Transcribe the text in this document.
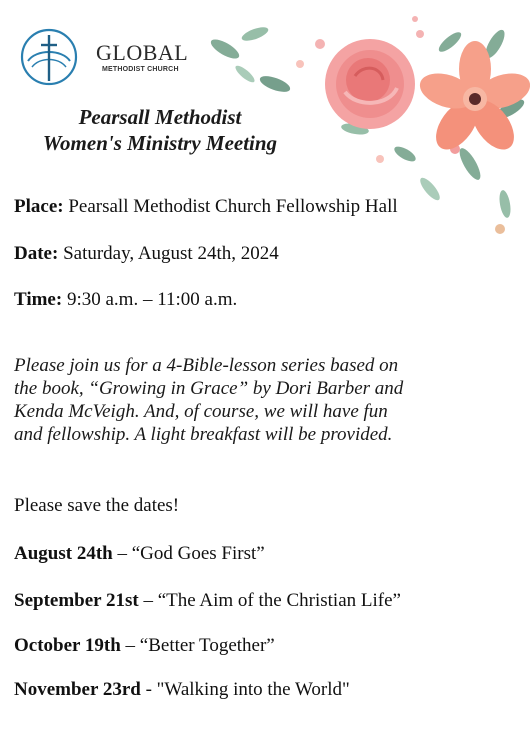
GLOBAL
METHODIST CHURCH
Pearsall Methodist
Women's Ministry Meeting
Place: Pearsall Methodist Church Fellowship Hall
Date: Saturday, August 24th, 2024
Time: 9:30 a.m. – 11:00 a.m.
Please join us for a 4-Bible-lesson series based on
the book, “Growing in Grace” by Dori Barber and
Kenda McVeigh. And, of course, we will have fun
and fellowship. A light breakfast will be provided.
Please save the dates!
August 24th – “God Goes First”
September 21st – “The Aim of the Christian Life”
October 19th – “Better Together”
November 23rd - "Walking into the World"
